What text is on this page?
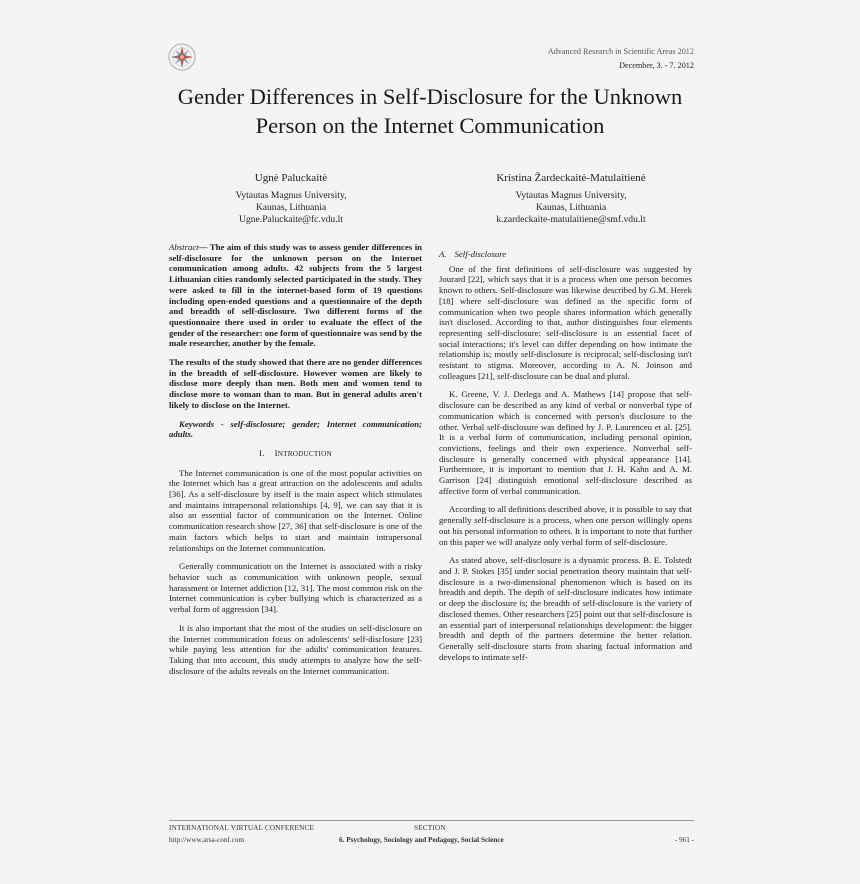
Advanced Research in Scientific Areas 2012
December, 3. - 7. 2012
Gender Differences in Self-Disclosure for the Unknown Person on the Internet Communication
Ugnė Paluckaitė
Vytautas Magnus University,
Kaunas, Lithuania
Ugne.Paluckaite@fc.vdu.lt
Kristina Žardeckaitė-Matulaitienė
Vytautas Magnus University,
Kaunas, Lithuania
k.zardeckaite-matulaitiene@smf.vdu.lt

Abstract— The aim of this study was to assess gender differences in self-disclosure for the unknown person on the Internet communication among adults. 42 subjects from the 5 largest Lithuanian cities randomly selected participated in the study. They were asked to fill in the internet-based form of 19 questions including open-ended questions and a questionnaire of the depth and breadth of self-disclosure. Two different forms of the questionnaire there used in order to evaluate the effect of the gender of the researcher: one form of questionnaire was send by the male researcher, another by the female.

The results of the study showed that there are no gender differences in the breadth of self-disclosure. However women are likely to disclose more deeply than men. Both men and women tend to disclose more to woman than to man. But in general adults aren't likely to disclose on the Internet.

Keywords - self-disclosure; gender; Internet communication; adults.

I. INTRODUCTION

The Internet communication is one of the most popular activities on the Internet which has a great attraction on the adolescents and adults [36]. As a self-disclosure by itself is the main aspect which stimulates and maintains intrapersonal relationships [4, 9], we can say that it is also an essential factor of communication on the Internet. Online communication research show [27, 36] that self-disclosure is one of the main factors which helps to start and maintain intrapersonal relationships on the Internet communication.

Generally communication on the Internet is associated with a risky behavior such as communication with unknown people, sexual harassment or Internet addiction [12, 31]. The most common risk on the Internet communication is cyber bullying which is characterized as a verbal form of aggression [34].

It is also important that the most of the studies on self-disclosure on the Internet communication focus on adolescents' self-disclosure [23] while paying less attention for the adults' communication features. Taking that into account, this study attempts to analyze how the self-disclosure of the adults reveals on the Internet communication.

A. Self-disclosure

One of the first definitions of self-disclosure was suggested by Jourard [22], which says that it is a process when one person becomes known to others. Self-disclosure was likewise described by G.M. Herek [18] where self-disclosure was defined as the specific form of communication when two people shares information which generally isn't disclosed. According to that, author distinguishes four elements representing self-disclosure: self-disclosure is an essential facet of social interactions; it's level can differ depending on how intimate the relationship is; mostly self-disclosure is reciprocal; self-disclosing isn't resistant to stigma. Moreover, according to A. N. Joinson and colleagues [21], self-disclosure can be dual and plural.

K. Greene, V. J. Derlega and A. Mathews [14] propose that self-disclosure can be described as any kind of verbal or nonverbal type of communication which is concerned with person's disclosure to the other. Verbal self-disclosure was defined by J. P. Laurenceu et al. [25]. It is a verbal form of communication, including personal opinion, convictions, feelings and their own experience. Nonverbal self-disclosure is generally concerned with physical appearance [14]. Furthermore, it is important to mention that J. H. Kahn and A. M. Garrison [24] distinguish emotional self-disclosure described as affective form of verbal communication.

According to all definitions described above, it is possible to say that generally self-disclosure is a process, when one person willingly opens out his personal information to others. It is important to note that further on this paper we will analyze only verbal form of self-disclosure.

As stated above, self-disclosure is a dynamic process. B. E. Tolstedt and J. P. Stokes [35] under social penetration theory maintain that self-disclosure is a two-dimensional phenomenon which is based on its breadth and depth. The depth of self-disclosure indicates how intimate or deep the disclosure is; the breadth of self-disclosure is the variety of disclosed themes. Other researchers [25] point out that self-disclosure is an essential part of interpersonal relationships development: the bigger breadth and depth of the partners determine the better relation. Generally self-disclosure starts from sharing factual information and develops to intimate self-

INTERNATIONAL VIRTUAL CONFERENCE	SECTION
http://www.arsa-conf.com	6. Psychology, Sociology and Pedagogy, Social Science	- 961 -
